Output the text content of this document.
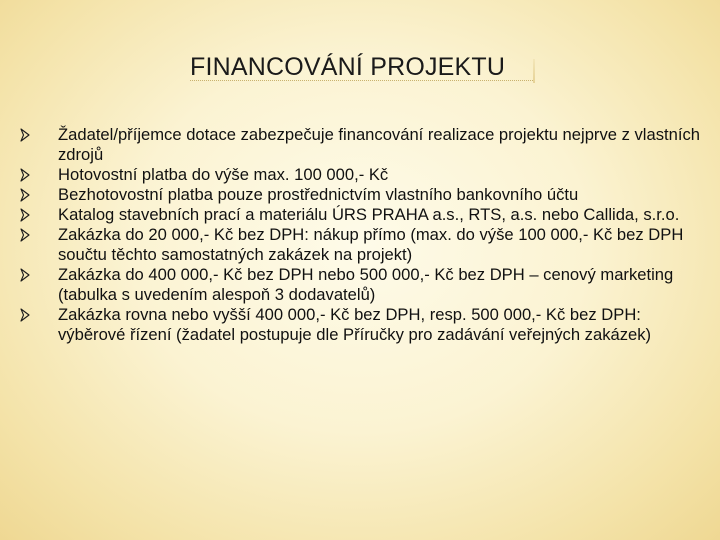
FINANCOVÁNÍ PROJEKTU
Žadatel/příjemce dotace zabezpečuje financování realizace projektu nejprve z vlastních zdrojů
Hotovostní platba do výše max. 100 000,- Kč
Bezhotovostní platba pouze prostřednictvím vlastního bankovního účtu
Katalog stavebních prací a materiálu ÚRS PRAHA a.s., RTS, a.s. nebo Callida, s.r.o.
Zakázka do 20 000,- Kč bez DPH: nákup přímo (max. do výše 100 000,- Kč bez DPH součtu těchto samostatných zakázek na projekt)
Zakázka do 400 000,- Kč bez DPH nebo 500 000,- Kč bez DPH – cenový marketing (tabulka s uvedením alespoň 3 dodavatelů)
Zakázka rovna nebo vyšší 400 000,- Kč bez DPH, resp. 500 000,- Kč bez DPH: výběrové řízení (žadatel postupuje dle Příručky pro zadávání veřejných zakázek)
